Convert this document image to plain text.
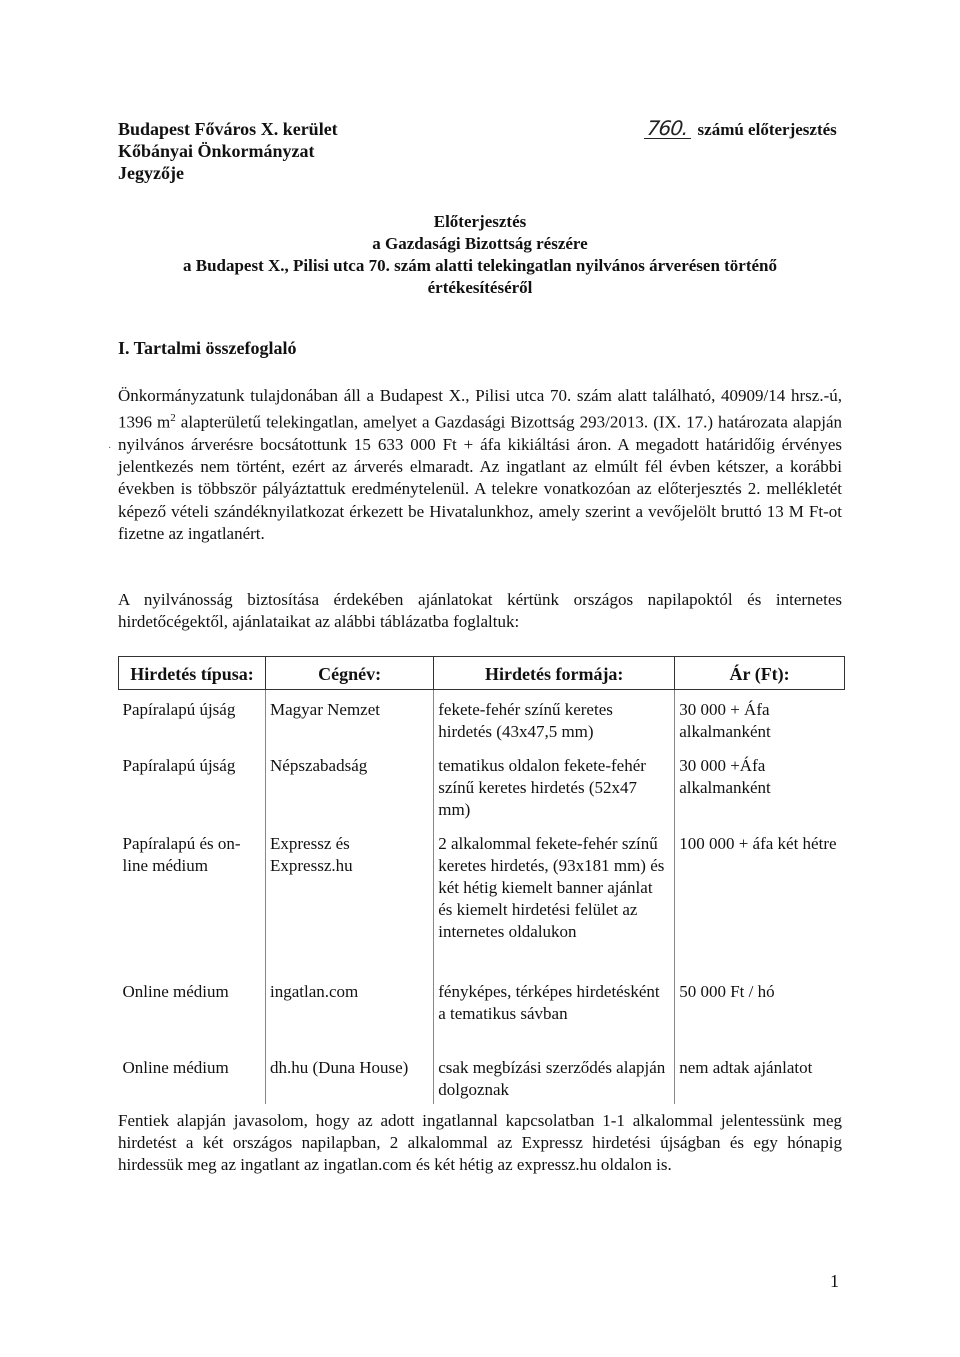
Budapest Főváros X. kerület
Kőbányai Önkormányzat
Jegyzője
760. számú előterjesztés
Előterjesztés
a Gazdasági Bizottság részére
a Budapest X., Pilisi utca 70. szám alatti telekingatlan nyilvános árverésen történő
értékesítéséről
I. Tartalmi összefoglaló
·
Önkormányzatunk tulajdonában áll a Budapest X., Pilisi utca 70. szám alatt található, 40909/14 hrsz.-ú, 1396 $m^2$ alapterületű telekingatlan, amelyet a Gazdasági Bizottság 293/2013. (IX. 17.) határozata alapján nyilvános árverésre bocsátottunk 15 633 000 Ft + áfa kikiáltási áron. A megadott határidőig érvényes jelentkezés nem történt, ezért az árverés elmaradt. Az ingatlant az elmúlt fél évben kétszer, a korábbi években is többször pályáztattuk eredménytelenül. A telekre vonatkozóan az előterjesztés 2. mellékletét képező vételi szándéknyilatkozat érkezett be Hivatalunkhoz, amely szerint a vevőjelölt bruttó 13 M Ft-ot fizetne az ingatlanért.
A nyilvánosság biztosítása érdekében ajánlatokat kértünk országos napilapoktól és internetes hirdetőcégektől, ajánlataikat az alábbi táblázatba foglaltuk:
Hirdetés típusa:	Cégnév:	Hirdetés formája:	Ár (Ft):
Papíralapú újság	Magyar Nemzet	fekete-fehér színű keretes hirdetés (43x47,5 mm)	30 000 + Áfa alkalmanként
Papíralapú újság	Népszabadság	tematikus oldalon fekete-fehér színű keretes hirdetés (52x47 mm)	30 000 +Áfa alkalmanként
Papíralapú és on-line médium	Expressz és Expressz.hu	2 alkalommal fekete-fehér színű keretes hirdetés, (93x181 mm) és két hétig kiemelt banner ajánlat és kiemelt hirdetési felület az internetes oldalukon	100 000 + áfa két hétre
Online médium	ingatlan.com	fényképes, térképes hirdetésként a tematikus sávban	50 000 Ft / hó
Online médium	dh.hu (Duna House)	csak megbízási szerződés alapján dolgoznak	nem adtak ajánlatot
Fentiek alapján javasolom, hogy az adott ingatlannal kapcsolatban 1-1 alkalommal jelentessünk meg hirdetést a két országos napilapban, 2 alkalommal az Expressz hirdetési újságban és egy hónapig hirdessük meg az ingatlant az ingatlan.com és két hétig az expressz.hu oldalon is.
1
